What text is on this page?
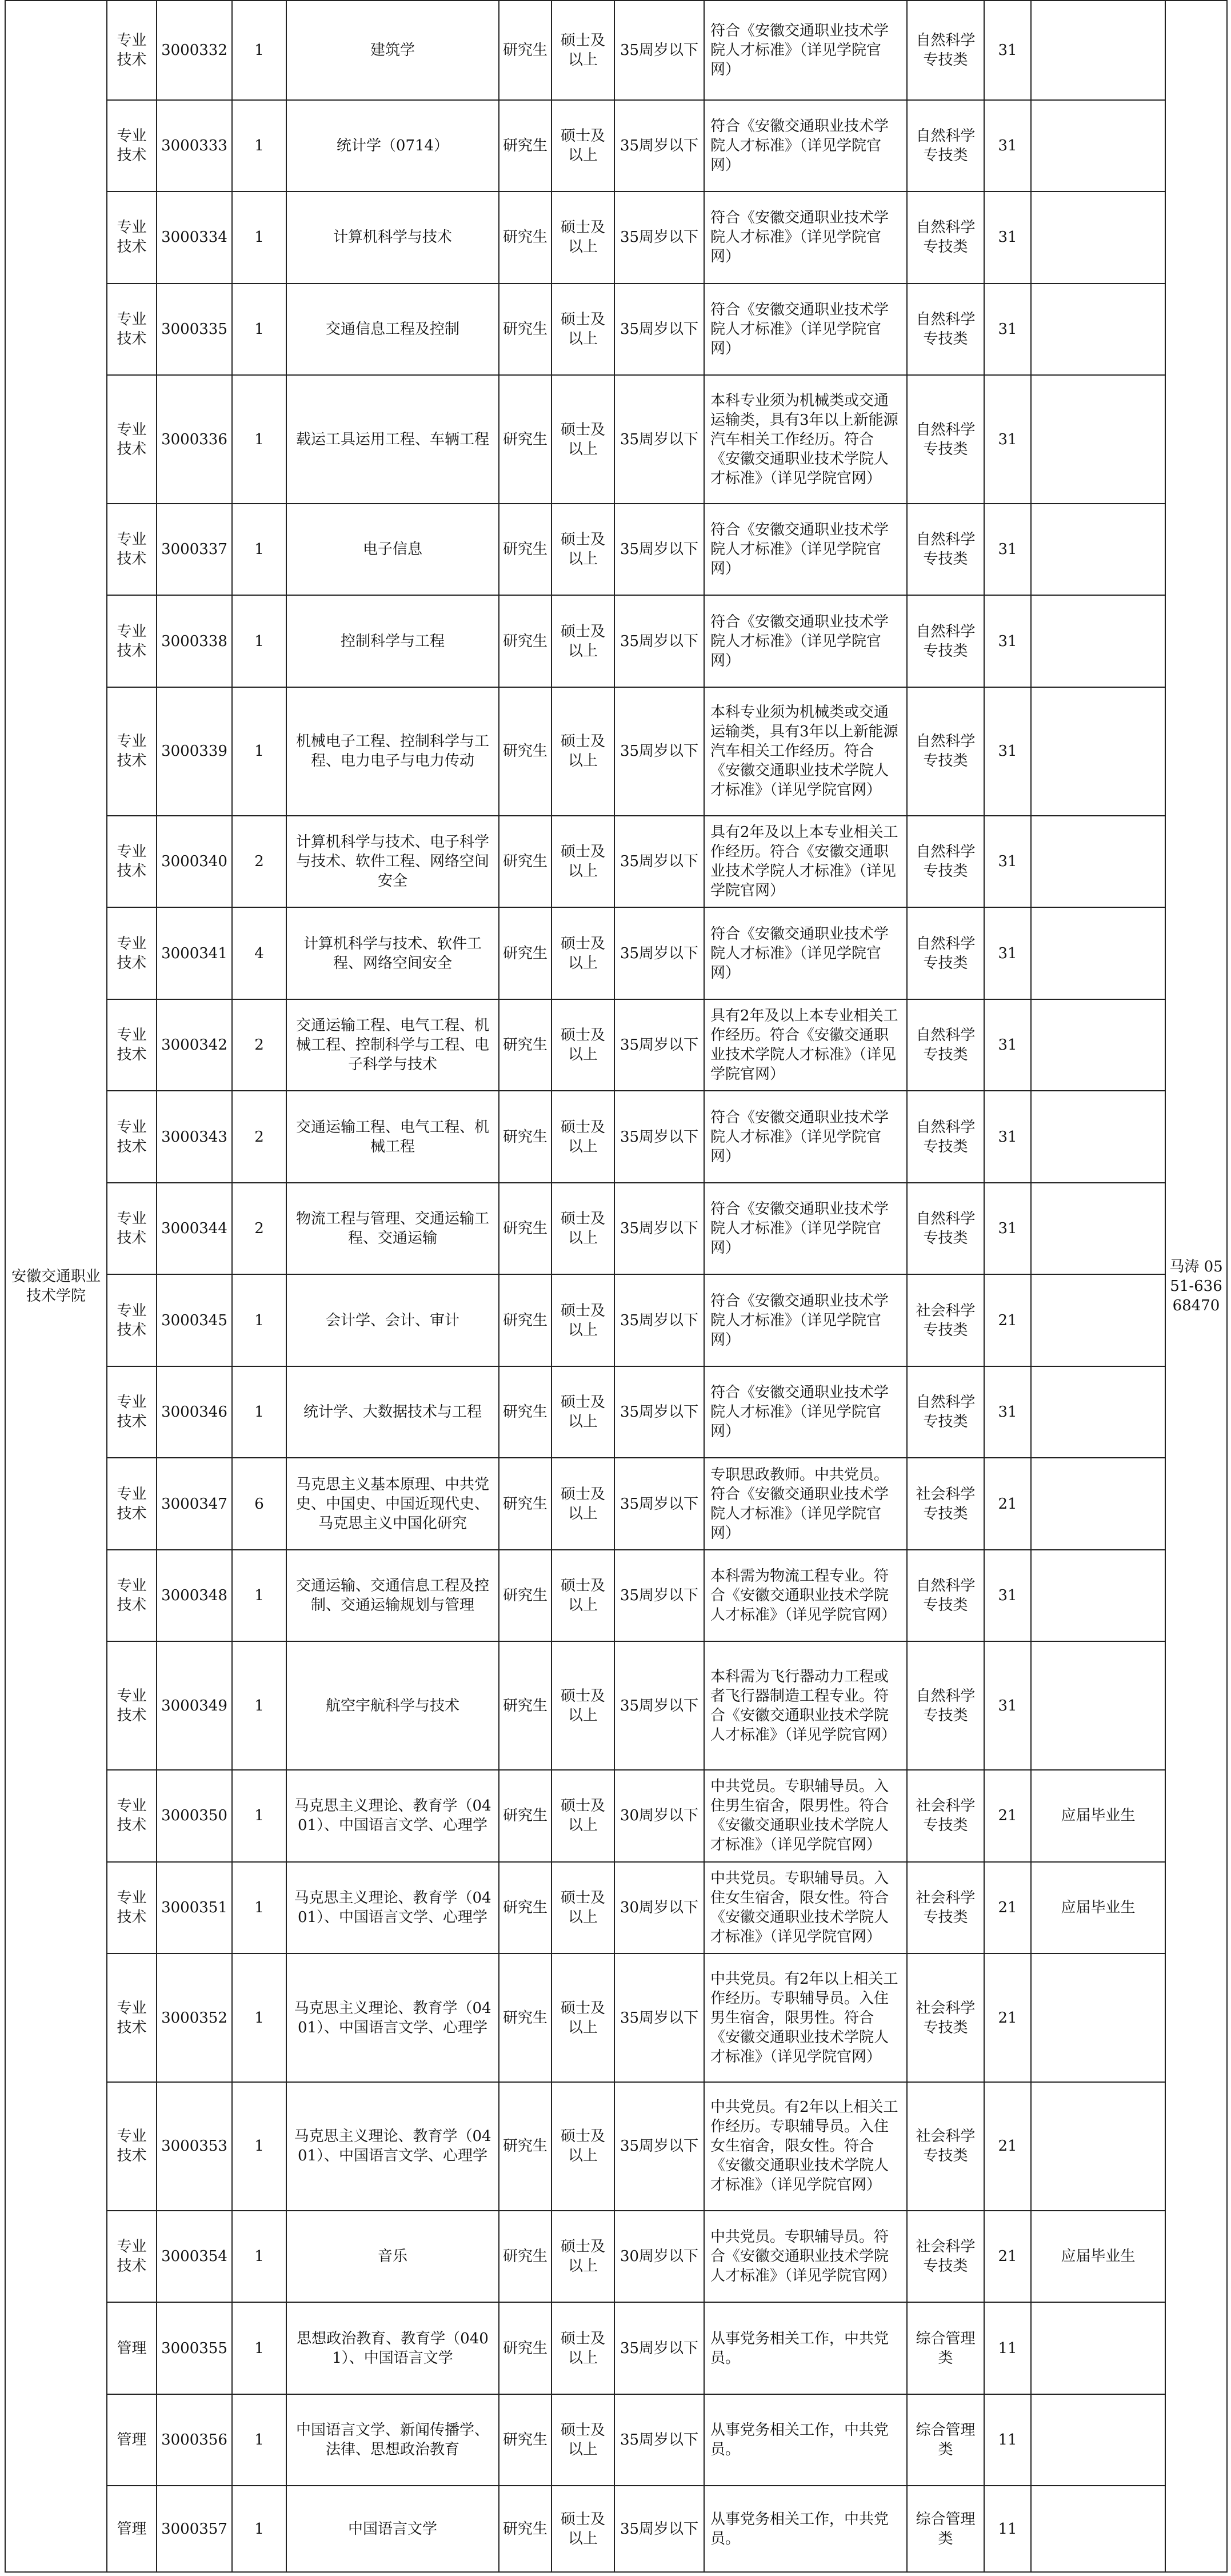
安徽交通职业技术学院	专业技术	3000332	1	建筑学	研究生	硕士及以上	35周岁以下	符合《安徽交通职业技术学院人才标准》（详见学院官网）	自然科学专技类	31		马涛 0551-63668470
	专业技术	3000333	1	统计学（0714）	研究生	硕士及以上	35周岁以下	符合《安徽交通职业技术学院人才标准》（详见学院官网）	自然科学专技类	31		
	专业技术	3000334	1	计算机科学与技术	研究生	硕士及以上	35周岁以下	符合《安徽交通职业技术学院人才标准》（详见学院官网）	自然科学专技类	31		
	专业技术	3000335	1	交通信息工程及控制	研究生	硕士及以上	35周岁以下	符合《安徽交通职业技术学院人才标准》（详见学院官网）	自然科学专技类	31		
	专业技术	3000336	1	载运工具运用工程、车辆工程	研究生	硕士及以上	35周岁以下	本科专业须为机械类或交通运输类，具有3年以上新能源汽车相关工作经历。符合《安徽交通职业技术学院人才标准》（详见学院官网）	自然科学专技类	31		
	专业技术	3000337	1	电子信息	研究生	硕士及以上	35周岁以下	符合《安徽交通职业技术学院人才标准》（详见学院官网）	自然科学专技类	31		
	专业技术	3000338	1	控制科学与工程	研究生	硕士及以上	35周岁以下	符合《安徽交通职业技术学院人才标准》（详见学院官网）	自然科学专技类	31		
	专业技术	3000339	1	机械电子工程、控制科学与工程、电力电子与电力传动	研究生	硕士及以上	35周岁以下	本科专业须为机械类或交通运输类，具有3年以上新能源汽车相关工作经历。符合《安徽交通职业技术学院人才标准》（详见学院官网）	自然科学专技类	31		
	专业技术	3000340	2	计算机科学与技术、电子科学与技术、软件工程、网络空间安全	研究生	硕士及以上	35周岁以下	具有2年及以上本专业相关工作经历。符合《安徽交通职业技术学院人才标准》（详见学院官网）	自然科学专技类	31		
	专业技术	3000341	4	计算机科学与技术、软件工程、网络空间安全	研究生	硕士及以上	35周岁以下	符合《安徽交通职业技术学院人才标准》（详见学院官网）	自然科学专技类	31		
	专业技术	3000342	2	交通运输工程、电气工程、机械工程、控制科学与工程、电子科学与技术	研究生	硕士及以上	35周岁以下	具有2年及以上本专业相关工作经历。符合《安徽交通职业技术学院人才标准》（详见学院官网）	自然科学专技类	31		
	专业技术	3000343	2	交通运输工程、电气工程、机械工程	研究生	硕士及以上	35周岁以下	符合《安徽交通职业技术学院人才标准》（详见学院官网）	自然科学专技类	31		
	专业技术	3000344	2	物流工程与管理、交通运输工程、交通运输	研究生	硕士及以上	35周岁以下	符合《安徽交通职业技术学院人才标准》（详见学院官网）	自然科学专技类	31		
	专业技术	3000345	1	会计学、会计、审计	研究生	硕士及以上	35周岁以下	符合《安徽交通职业技术学院人才标准》（详见学院官网）	社会科学专技类	21		
	专业技术	3000346	1	统计学、大数据技术与工程	研究生	硕士及以上	35周岁以下	符合《安徽交通职业技术学院人才标准》（详见学院官网）	自然科学专技类	31		
	专业技术	3000347	6	马克思主义基本原理、中共党史、中国史、中国近现代史、马克思主义中国化研究	研究生	硕士及以上	35周岁以下	专职思政教师。中共党员。符合《安徽交通职业技术学院人才标准》（详见学院官网）	社会科学专技类	21		
	专业技术	3000348	1	交通运输、交通信息工程及控制、交通运输规划与管理	研究生	硕士及以上	35周岁以下	本科需为物流工程专业。符合《安徽交通职业技术学院人才标准》（详见学院官网）	自然科学专技类	31		
	专业技术	3000349	1	航空宇航科学与技术	研究生	硕士及以上	35周岁以下	本科需为飞行器动力工程或者飞行器制造工程专业。符合《安徽交通职业技术学院人才标准》（详见学院官网）	自然科学专技类	31		
	专业技术	3000350	1	马克思主义理论、教育学（0401）、中国语言文学、心理学	研究生	硕士及以上	30周岁以下	中共党员。专职辅导员。入住男生宿舍，限男性。符合《安徽交通职业技术学院人才标准》（详见学院官网）	社会科学专技类	21	应届毕业生	
	专业技术	3000351	1	马克思主义理论、教育学（0401）、中国语言文学、心理学	研究生	硕士及以上	30周岁以下	中共党员。专职辅导员。入住女生宿舍，限女性。符合《安徽交通职业技术学院人才标准》（详见学院官网）	社会科学专技类	21	应届毕业生	
	专业技术	3000352	1	马克思主义理论、教育学（0401）、中国语言文学、心理学	研究生	硕士及以上	35周岁以下	中共党员。有2年以上相关工作经历。专职辅导员。入住男生宿舍，限男性。符合《安徽交通职业技术学院人才标准》（详见学院官网）	社会科学专技类	21		
	专业技术	3000353	1	马克思主义理论、教育学（0401）、中国语言文学、心理学	研究生	硕士及以上	35周岁以下	中共党员。有2年以上相关工作经历。专职辅导员。入住女生宿舍，限女性。符合《安徽交通职业技术学院人才标准》（详见学院官网）	社会科学专技类	21		
	专业技术	3000354	1	音乐	研究生	硕士及以上	30周岁以下	中共党员。专职辅导员。符合《安徽交通职业技术学院人才标准》（详见学院官网）	社会科学专技类	21	应届毕业生	
	管理	3000355	1	思想政治教育、教育学（0401）、中国语言文学	研究生	硕士及以上	35周岁以下	从事党务相关工作，中共党员。	综合管理类	11		
	管理	3000356	1	中国语言文学、新闻传播学、法律、思想政治教育	研究生	硕士及以上	35周岁以下	从事党务相关工作，中共党员。	综合管理类	11		
	管理	3000357	1	中国语言文学	研究生	硕士及以上	35周岁以下	从事党务相关工作，中共党员。	综合管理类	11		
